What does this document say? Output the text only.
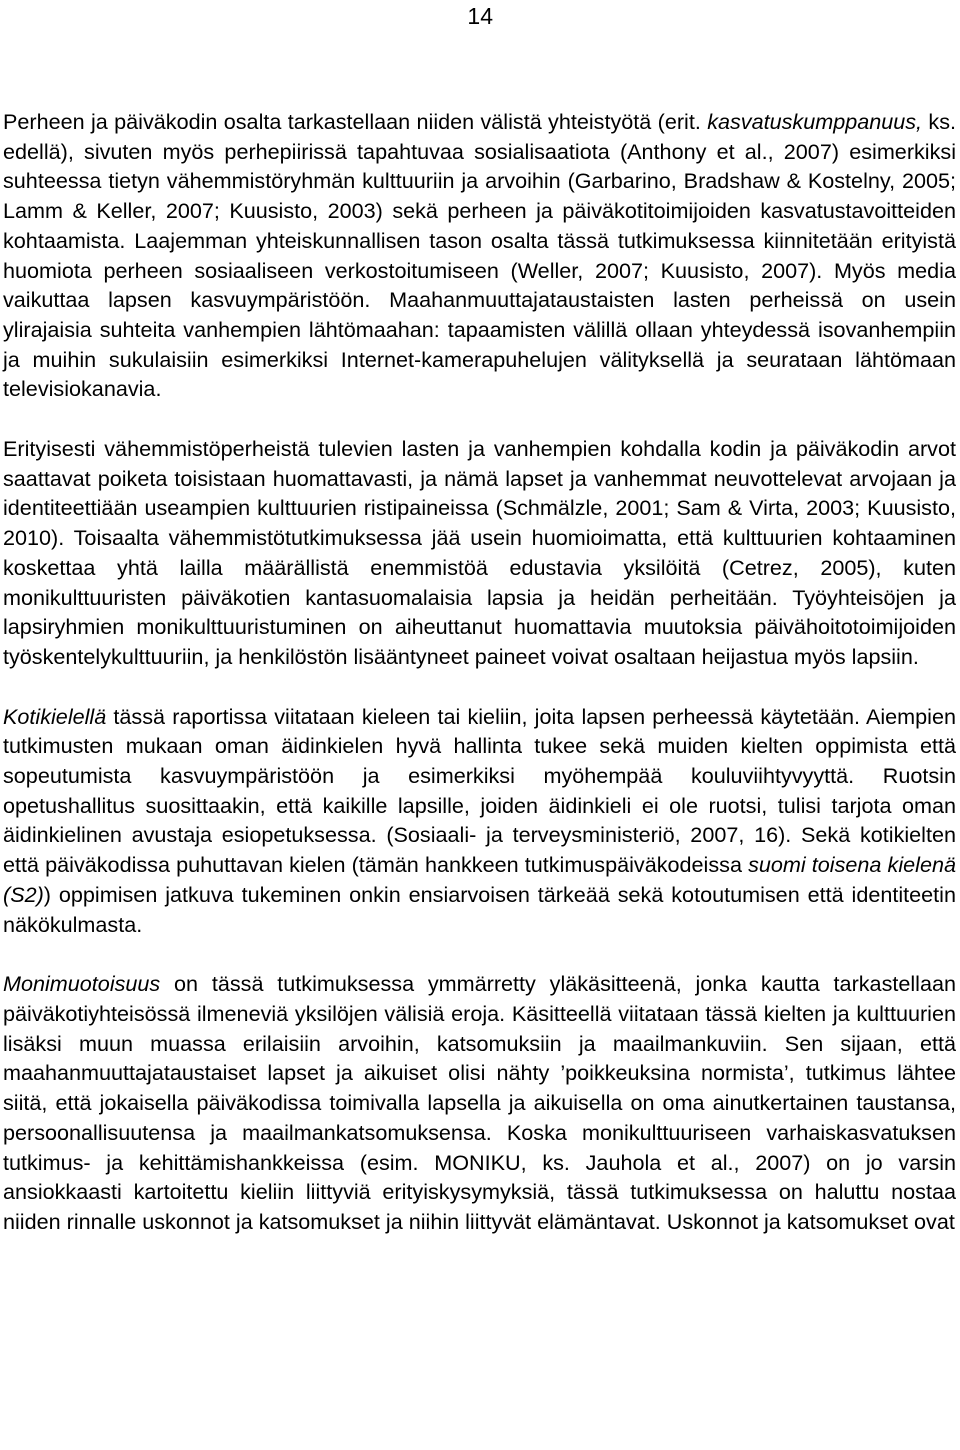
14

Perheen ja päiväkodin osalta tarkastellaan niiden välistä yhteistyötä (erit. kasvatuskumppanuus, ks. edellä), sivuten myös perhepiirissä tapahtuvaa sosialisaatiota (Anthony et al., 2007) esimerkiksi suhteessa tietyn vähemmistöryhmän kulttuuriin ja arvoihin (Garbarino, Bradshaw & Kostelny, 2005; Lamm & Keller, 2007; Kuusisto, 2003) sekä perheen ja päiväkotitoimijoiden kasvatustavoitteiden kohtaamista. Laajemman yhteiskunnallisen tason osalta tässä tutkimuksessa kiinnitetään erityistä huomiota perheen sosiaaliseen verkostoitumiseen (Weller, 2007; Kuusisto, 2007). Myös media vaikuttaa lapsen kasvuympäristöön. Maahanmuuttajataustaisten lasten perheissä on usein ylirajaisia suhteita vanhempien lähtömaahan: tapaamisten välillä ollaan yhteydessä isovanhempiin ja muihin sukulaisiin esimerkiksi Internet-kamerapuhelujen välityksellä ja seurataan lähtömaan televisiokanavia.

Erityisesti vähemmistöperheistä tulevien lasten ja vanhempien kohdalla kodin ja päiväkodin arvot saattavat poiketa toisistaan huomattavasti, ja nämä lapset ja vanhemmat neuvottelevat arvojaan ja identiteettiään useampien kulttuurien ristipaineissa (Schmälzle, 2001; Sam & Virta, 2003; Kuusisto, 2010). Toisaalta vähemmistötutkimuksessa jää usein huomioimatta, että kulttuurien kohtaaminen koskettaa yhtä lailla määrällistä enemmistöä edustavia yksilöitä (Cetrez, 2005), kuten monikulttuuristen päiväkotien kantasuomalaisia lapsia ja heidän perheitään. Työyhteisöjen ja lapsiryhmien monikulttuuristuminen on aiheuttanut huomattavia muutoksia päivähoitotoimijoiden työskentelykulttuuriin, ja henkilöstön lisääntyneet paineet voivat osaltaan heijastua myös lapsiin.

Kotikielellä tässä raportissa viitataan kieleen tai kieliin, joita lapsen perheessä käytetään. Aiempien tutkimusten mukaan oman äidinkielen hyvä hallinta tukee sekä muiden kielten oppimista että sopeutumista kasvuympäristöön ja esimerkiksi myöhempää kouluviihtyvyyttä. Ruotsin opetushallitus suosittaakin, että kaikille lapsille, joiden äidinkieli ei ole ruotsi, tulisi tarjota oman äidinkielinen avustaja esiopetuksessa. (Sosiaali- ja terveysministeriö, 2007, 16). Sekä kotikielten että päiväkodissa puhuttavan kielen (tämän hankkeen tutkimuspäiväkodeissa suomi toisena kielenä (S2)) oppimisen jatkuva tukeminen onkin ensiarvoisen tärkeää sekä kotoutumisen että identiteetin näkökulmasta.

Monimuotoisuus on tässä tutkimuksessa ymmärretty yläkäsitteenä, jonka kautta tarkastellaan päiväkotiyhteisössä ilmeneviä yksilöjen välisiä eroja. Käsitteellä viitataan tässä kielten ja kulttuurien lisäksi muun muassa erilaisiin arvoihin, katsomuksiin ja maailmankuviin. Sen sijaan, että maahanmuuttajataustaiset lapset ja aikuiset olisi nähty ’poikkeuksina normista’, tutkimus lähtee siitä, että jokaisella päiväkodissa toimivalla lapsella ja aikuisella on oma ainutkertainen taustansa, persoonallisuutensa ja maailmankatsomuksensa. Koska monikulttuuriseen varhaiskasvatuksen tutkimus- ja kehittämishankkeissa (esim. MONIKU, ks. Jauhola et al., 2007) on jo varsin ansiokkaasti kartoitettu kieliin liittyviä erityiskysymyksiä, tässä tutkimuksessa on haluttu nostaa niiden rinnalle uskonnot ja katsomukset ja niihin liittyvät elämäntavat. Uskonnot ja katsomukset ovat
